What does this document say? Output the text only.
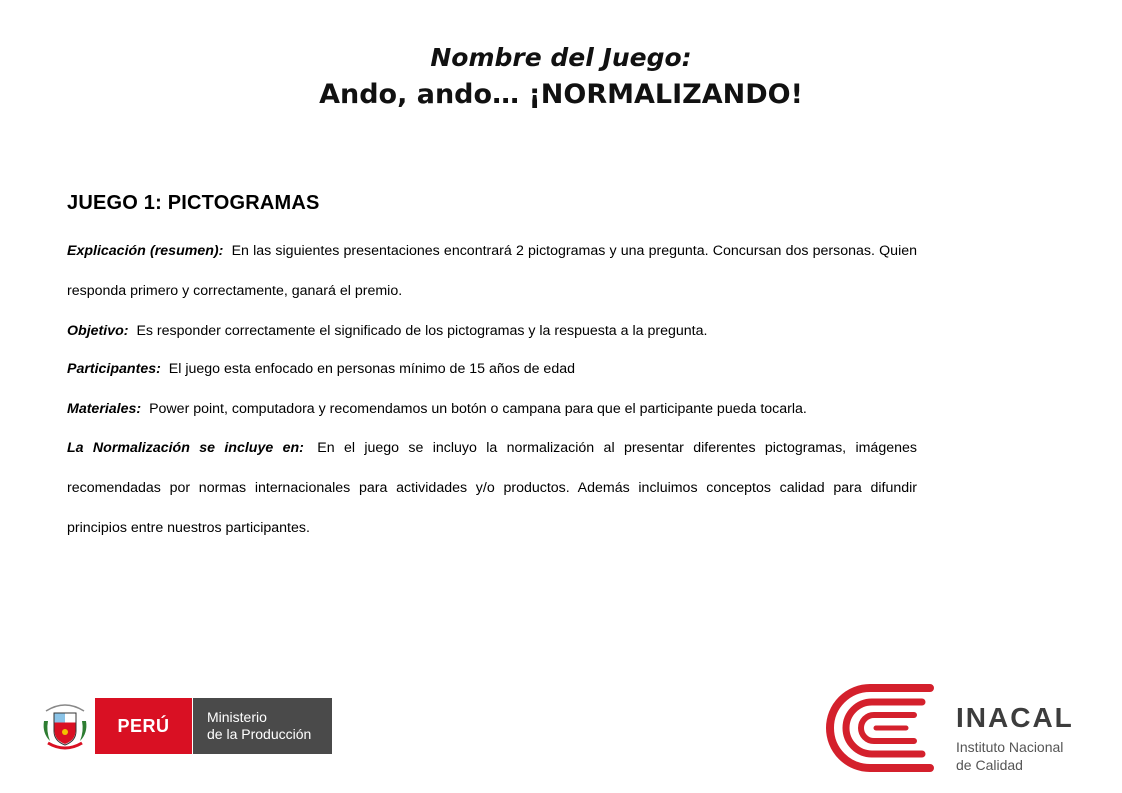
Nombre del Juego:
Ando, ando… ¡NORMALIZANDO!
JUEGO 1: PICTOGRAMAS
Explicación (resumen): En las siguientes presentaciones encontrará 2 pictogramas y una pregunta. Concursan dos personas. Quien responda primero y correctamente, ganará el premio.
Objetivo: Es responder correctamente el significado de los pictogramas y la respuesta a la pregunta.
Participantes: El juego esta enfocado en personas mínimo de 15 años de edad
Materiales: Power point, computadora y recomendamos un botón o campana para que el participante pueda tocarla.
La Normalización se incluye en: En el juego se incluyo la normalización al presentar diferentes pictogramas, imágenes recomendadas por normas internacionales para actividades y/o productos. Además incluimos conceptos calidad para difundir principios entre nuestros participantes.
PERÚ	Ministerio
de la Producción
INACAL
Instituto Nacional
de Calidad
